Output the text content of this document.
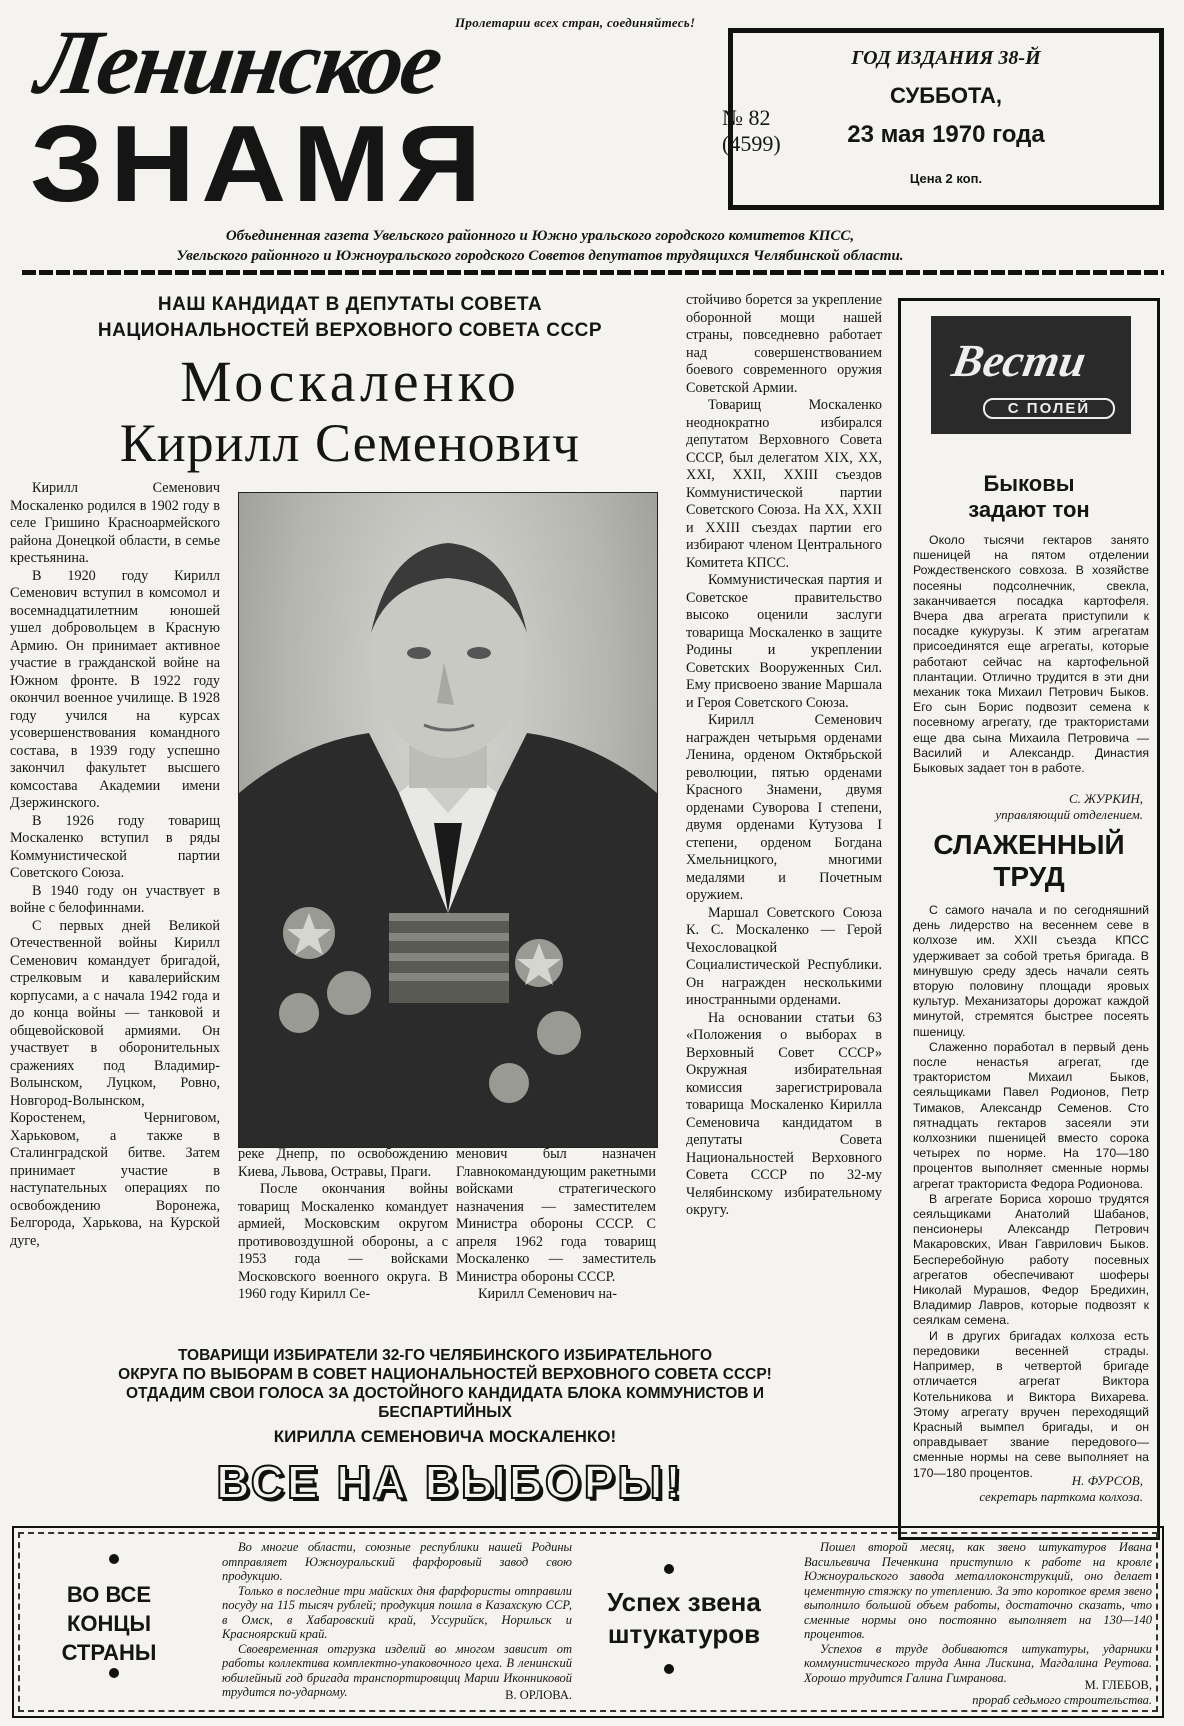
Пролетарии всех стран, соединяйтесь!
Ленинское
ЗНАМЯ	№ 82
(4599)
ГОД ИЗДАНИЯ 38-Й
СУББОТА,
23 мая 1970 года
Цена 2 коп.
Объединенная газета Увельского районного и Южно уральского городского комитетов КПСС,
Увельского районного и Южноуральского городского Советов депутатов трудящихся Челябинской области.
НАШ КАНДИДАТ В ДЕПУТАТЫ СОВЕТА
НАЦИОНАЛЬНОСТЕЙ ВЕРХОВНОГО СОВЕТА СССР
Москаленко
Кирилл Семенович

Кирилл Семенович Москаленко родился в 1902 году в селе Гришино Красноармейского района Донецкой области, в семье крестьянина.

В 1920 году Кирилл Семенович вступил в комсомол и восемнадцатилетним юношей ушел добровольцем в Красную Армию. Он принимает активное участие в гражданской войне на Южном фронте. В 1922 году окончил военное училище. В 1928 году учился на курсах усовершенствования командного состава, в 1939 году успешно закончил факультет высшего комсостава Академии имени Дзержинского.

В 1926 году товарищ Москаленко вступил в ряды Коммунистической партии Советского Союза.

В 1940 году он участвует в войне с белофиннами.

С первых дней Великой Отечественной войны Кирилл Семенович командует бригадой, стрелковым и кавалерийским корпусами, а с начала 1942 года и до конца войны — танковой и общевойсковой армиями. Он участвует в оборонительных сражениях под Владимир-Волынском, Луцком, Ровно, Новгород-Волынском, Коростенем, Черниговом, Харьковом, а также в Сталинградской битве. Затем принимает участие в наступательных операциях по освобождению Воронежа, Белгорода, Харькова, на Курской дуге,

реке Днепр, по освобождению Киева, Львова, Остравы, Праги.

После окончания войны товарищ Москаленко командует армией, Московским округом противовоздушной обороны, а с 1953 года — войсками Московского военного округа. В 1960 году Кирилл Се-

менович был назначен Главнокомандующим ракетными войсками стратегического назначения — заместителем Министра обороны СССР. С апреля 1962 года товарищ Москаленко — заместитель Министра обороны СССР.

Кирилл Семенович на-

стойчиво борется за укрепление оборонной мощи нашей страны, повседневно работает над совершенствованием боевого современного оружия Советской Армии.

Товарищ Москаленко неоднократно избирался депутатом Верховного Совета СССР, был делегатом XIX, XX, XXI, XXII, XXIII съездов Коммунистической партии Советского Союза. На XX, XXII и XXIII съездах партии его избирают членом Центрального Комитета КПСС.

Коммунистическая партия и Советское правительство высоко оценили заслуги товарища Москаленко в защите Родины и укреплении Советских Вооруженных Сил. Ему присвоено звание Маршала и Героя Советского Союза.

Кирилл Семенович награжден четырьмя орденами Ленина, орденом Октябрьской революции, пятью орденами Красного Знамени, двумя орденами Суворова I степени, двумя орденами Кутузова I степени, орденом Богдана Хмельницкого, многими медалями и Почетным оружием.

Маршал Советского Союза К. С. Москаленко — Герой Чехословацкой Социалистической Республики. Он награжден несколькими иностранными орденами.

На основании статьи 63 «Положения о выборах в Верховный Совет СССР» Окружная избирательная комиссия зарегистрировала товарища Москаленко Кирилла Семеновича кандидатом в депутаты Совета Национальностей Верховного Совета СССР по 32-му Челябинскому избирательному округу.

ТОВАРИЩИ ИЗБИРАТЕЛИ 32-ГО ЧЕЛЯБИНСКОГО ИЗБИРАТЕЛЬНОГО
ОКРУГА ПО ВЫБОРАМ В СОВЕТ НАЦИОНАЛЬНОСТЕЙ ВЕРХОВНОГО СОВЕТА СССР!
ОТДАДИМ СВОИ ГОЛОСА ЗА ДОСТОЙНОГО КАНДИДАТА БЛОКА КОММУНИСТОВ И
БЕСПАРТИЙНЫХ
КИРИЛЛА СЕМЕНОВИЧА МОСКАЛЕНКО!
ВСЕ НА ВЫБОРЫ!
Вести
С ПОЛЕЙ
Быковы
задают тон

Около тысячи гектаров занято пшеницей на пятом отделении Рождественского совхоза. В хозяйстве посеяны подсолнечник, свекла, заканчивается посадка картофеля. Вчера два агрегата приступили к посадке кукурузы. К этим агрегатам присоединятся еще агрегаты, которые работают сейчас на картофельной плантации. Отлично трудится в эти дни механик тока Михаил Петрович Быков. Его сын Борис подвозит семена к посевному агрегату, где трактористами еще два сына Михаила Петровича — Василий и Александр. Династия Быковых задает тон в работе.

С. ЖУРКИН,
управляющий отделением.
СЛАЖЕННЫЙ
ТРУД

С самого начала и по сегодняшний день лидерство на весеннем севе в колхозе им. XXII съезда КПСС удерживает за собой третья бригада. В минувшую среду здесь начали сеять вторую половину площади яровых культур. Механизаторы дорожат каждой минутой, стремятся быстрее посеять пшеницу.

Слаженно поработал в первый день после ненастья агрегат, где трактористом Михаил Быков, сеяльщиками Павел Родионов, Петр Тимаков, Александр Семенов. Сто пятнадцать гектаров засеяли эти колхозники пшеницей вместо сорока четырех по норме. На 170—180 процентов выполняет сменные нормы агрегат тракториста Федора Родионова.

В агрегате Бориса хорошо трудятся сеяльщиками Анатолий Шабанов, пенсионеры Александр Петрович Макаровских, Иван Гаврилович Быков. Бесперебойную работу посевных агрегатов обеспечивают шоферы Николай Мурашов, Федор Бредихин, Владимир Лавров, которые подвозят к сеялкам семена.

И в других бригадах колхоза есть передовики весенней страды. Например, в четвертой бригаде отличается агрегат Виктора Котельникова и Виктора Вихарева. Этому агрегату вручен переходящий Красный вымпел бригады, и он оправдывает звание передового—сменные нормы на севе выполняет на 170—180 процентов.

Н. ФУРСОВ,
секретарь парткома колхоза.
ВО ВСЕ
КОНЦЫ
СТРАНЫ

Во многие области, союзные республики нашей Родины отправляет Южноуральский фарфоровый завод свою продукцию.

Только в последние три майских дня фарфористы отправили посуду на 115 тысяч рублей; продукция пошла в Казахскую ССР, в Омск, в Хабаровский край, Уссурийск, Норильск и Красноярский край.

Своевременная отгрузка изделий во многом зависит от работы коллектива комплектно-упаковочного цеха. В ленинский юбилейный год бригада транспортировщиц Марии Иконниковой трудится по-ударному.	В. ОРЛОВА.
Успех звена
штукатуров

Пошел второй месяц, как звено штукатуров Ивана Васильевича Печенкина приступило к работе на кровле Южноуральского завода металлоконструкций, оно делает цементную стяжку по утеплению. За это короткое время звено выполнило большой объем работы, достаточно сказать, что сменные нормы оно постоянно выполняет на 130—140 процентов.

Успехов в труде добиваются штукатуры, ударники коммунистического труда Анна Лискина, Магдалина Реутова. Хорошо трудится Галина Гимранова.

М. ГЛЕБОВ,
прораб седьмого строительства.
